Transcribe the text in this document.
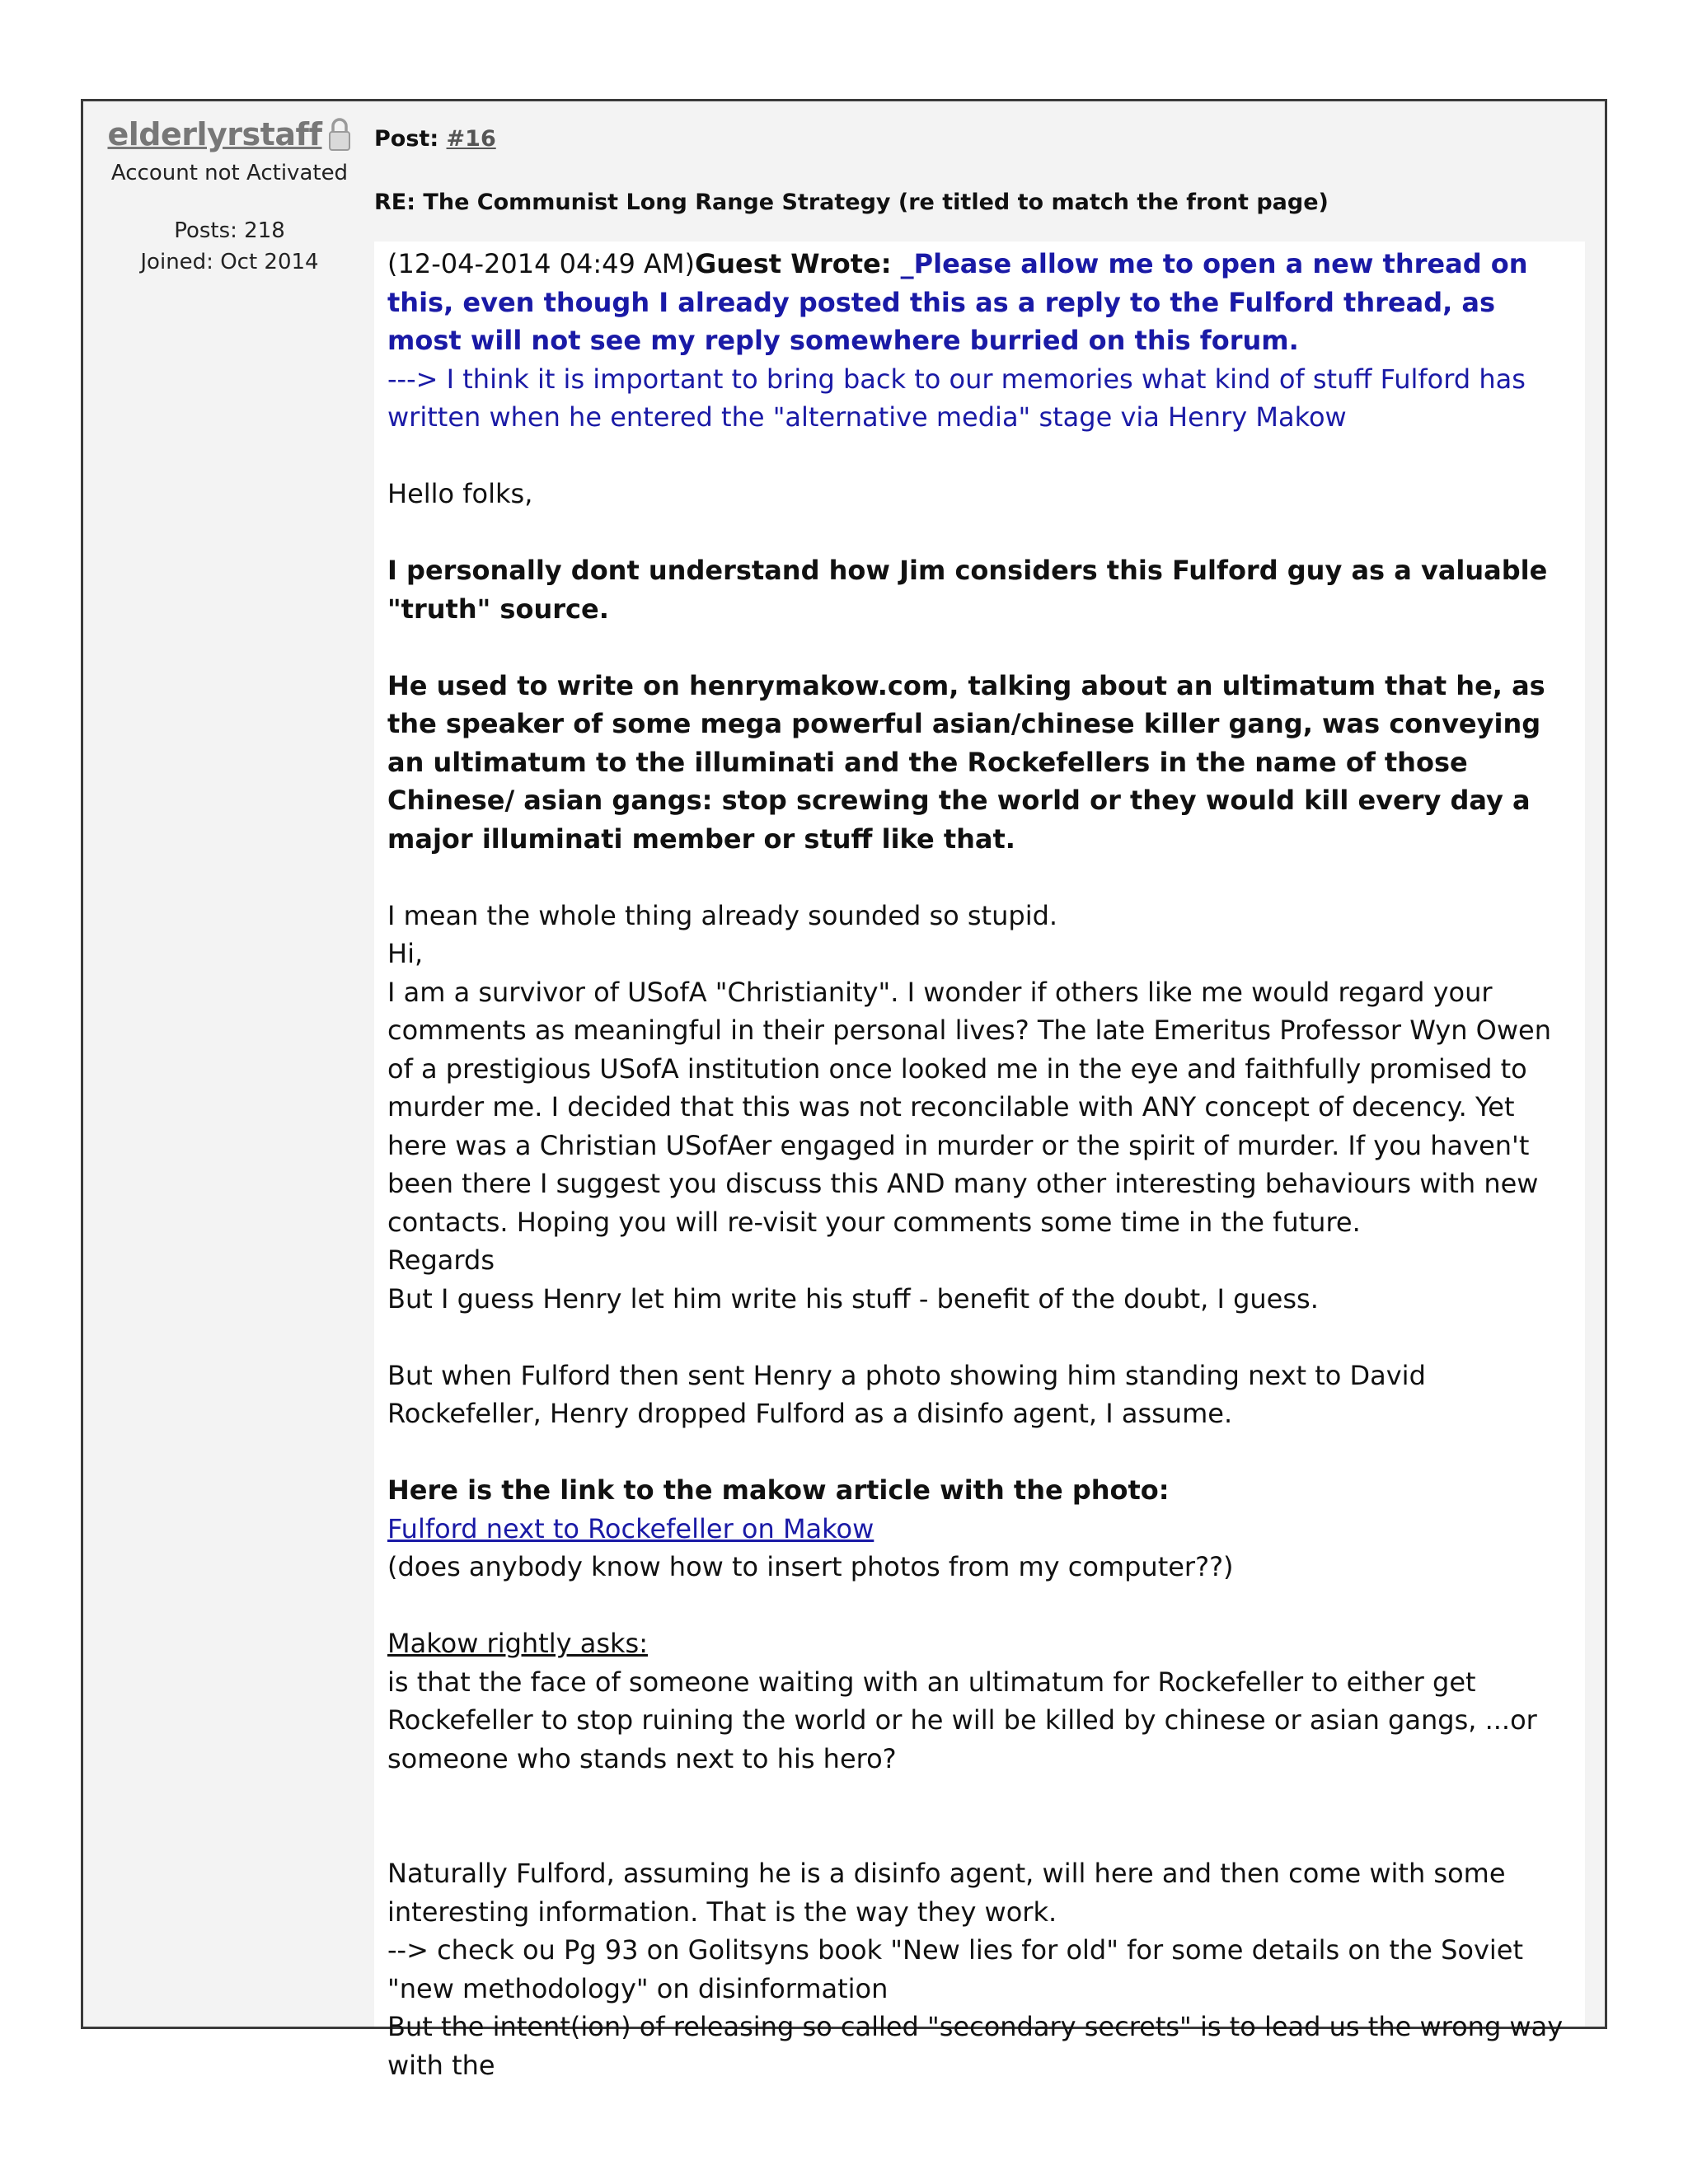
elderlyrstaff
Account not Activated
Posts: 218
Joined: Oct 2014
Post: #16
RE: The Communist Long Range Strategy (re titled to match the front page)

(12-04-2014 04:49 AM)Guest Wrote: _Please allow me to open a new thread on this, even though I already posted this as a reply to the Fulford thread, as most will not see my reply somewhere burried on this forum.

---> I think it is important to bring back to our memories what kind of stuff Fulford has written when he entered the "alternative media" stage via Henry Makow

Hello folks,

I personally dont understand how Jim considers this Fulford guy as a valuable "truth" source.

He used to write on henrymakow.com, talking about an ultimatum that he, as the speaker of some mega powerful asian/chinese killer gang, was conveying an ultimatum to the illuminati and the Rockefellers in the name of those Chinese/ asian gangs: stop screwing the world or they would kill every day a major illuminati member or stuff like that.

I mean the whole thing already sounded so stupid.

Hi,

I am a survivor of USofA "Christianity". I wonder if others like me would regard your comments as meaningful in their personal lives? The late Emeritus Professor Wyn Owen of a prestigious USofA institution once looked me in the eye and faithfully promised to murder me. I decided that this was not reconcilable with ANY concept of decency. Yet here was a Christian USofAer engaged in murder or the spirit of murder. If you haven't been there I suggest you discuss this AND many other interesting behaviours with new contacts. Hoping you will re-visit your comments some time in the future.

Regards

But I guess Henry let him write his stuff - benefit of the doubt, I guess.

But when Fulford then sent Henry a photo showing him standing next to David Rockefeller, Henry dropped Fulford as a disinfo agent, I assume.

Here is the link to the makow article with the photo:

Fulford next to Rockefeller on Makow

(does anybody know how to insert photos from my computer??)

Makow rightly asks:

is that the face of someone waiting with an ultimatum for Rockefeller to either get Rockefeller to stop ruining the world or he will be killed by chinese or asian gangs, ...or someone who stands next to his hero?

Naturally Fulford, assuming he is a disinfo agent, will here and then come with some interesting information. That is the way they work.

--> check ou Pg 93 on Golitsyns book "New lies for old" for some details on the Soviet "new methodology" on disinformation

But the intent(ion) of releasing so called "secondary secrets" is to lead us the wrong way with the
